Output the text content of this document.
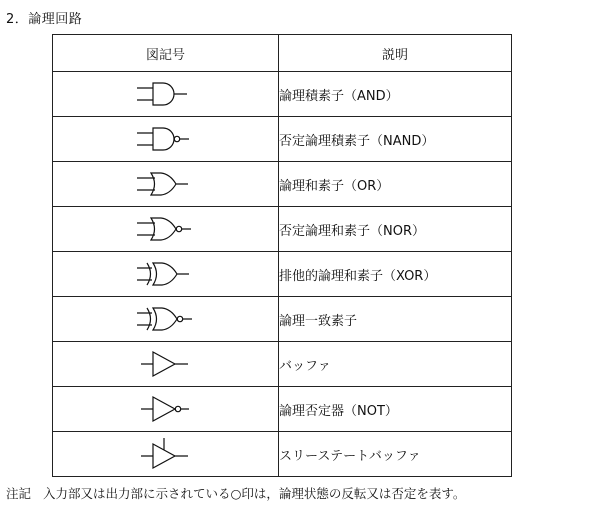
2．論理回路
図記号	説明

	論理積素子（AND）

	否定論理積素子（NAND）

	論理和素子（OR）

	否定論理和素子（NOR）

	排他的論理和素子（XOR）

	論理一致素子

	バッファ

	論理否定器（NOT）

	スリーステートバッファ
注記 入力部又は出力部に示されている○印は，論理状態の反転又は否定を表す。
